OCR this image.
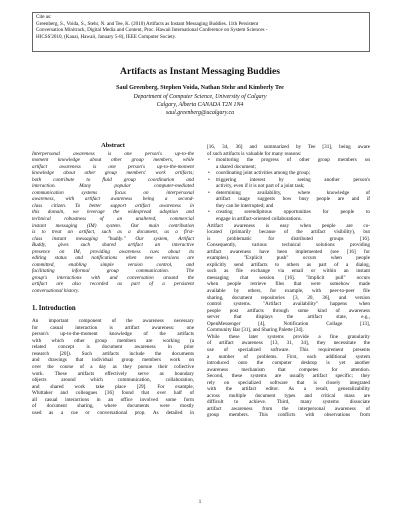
Cite as:
Greenberg, S., Voida, S., Stehr, N. and Tee, K. (2010) Artifacts as Instant Messaging Buddies. 11th Persistent
Conversation Minitrack, Digital Media and Content, Proc. Hawaii International Conference on System Sciences -
HICSS'2010, (Kauai, Hawaii, January 5-8), IEEE Computer Society.
Artifacts as Instant Messaging Buddies
Saul Greenberg, Stephen Voida, Nathan Stehr and Kimberly Tee
Department of Computer Science, University of Calgary
Calgary, Alberta CANADA T2N 1N4
saul.greenberg@ucalgary.ca
Abstract
Interpersonal awareness is one person's up-to-the
moment knowledge about other group members, while
artifact awareness is one person's up-to-the-moment
knowledge about other group members' work artifacts;
both contribute to fluid group coordination and
interaction. Many popular computer-mediated
communication systems focus on interpersonal
awareness, with artifact awareness being a second-
class citizen. To better support artifact awareness in
this domain, we leverage the widespread adoption and
technical robustness of an unaltered, commercial
instant messaging (IM) system. Our main contribution
is to treat an artifact, such as a document, as a first-
class instant messaging "buddy." Our system, Artifact
Buddy, gives such shared artifact an interactive
presence on IM, providing awareness cues about its
editing status and notifications when new versions are
committed, enabling simple version control, and
facilitating informal group communication. The
group's interactions with and conversation around the
artifact are also recorded as part of a persistent
conversational history.
1. Introduction
An important component of the awareness necessary
for casual interaction is artifact awareness: one
person's up-to-the-moment knowledge of the artifacts
with which other group members are working (a
related concept is document awareness in prior
research [20]). Such artifacts include the documents
and drawings that individual group members work on
over the course of a day as they pursue their collective
work. These artifacts effectively serve as boundary
objects around which communication, collaboration,
and shared work take place [29]. For example,
Whittaker and colleagues [36] found that over half of
all casual interactions in an office involved some form
of document sharing, where documents were mostly
used as a cue or conversational prop. As detailed in
[16, 34, 36] and summarized by Tee [31], being aware
of such artifacts is valuable for many reasons:
• monitoring the progress of other group members on
a shared document;
• coordinating joint activities among the group;
• triggering interest by seeing another person's
activity, even if it is not part of a joint task;
• determining availability, where knowledge of
artifact usage suggests how busy people are and if
they can be interrupted; and
• creating serendipitous opportunities for people to
engage in artifact-oriented collaborations.
Artifact awareness is easy when people are co-
located (primarily because of the artifact visibility), but
is problematic for distributed groups [16].
Consequently, various technical solutions providing
artifact awareness have been implemented (see [16] for
examples). "Explicit push" occurs when people
explicitly send artifacts to others as part of a dialog,
such as file exchange via email or within an instant
messaging chat session [16]. "Implicit pull" occurs
when people retrieve files that were somehow made
available by others, for example, with peer-to-peer file
sharing, document repositories [3, 20, 36], and version
control systems. "Artifact availability" happens when
people post artifacts through some kind of awareness
server that displays the artifact state, e.g.,
OpenMessenger [4], Notification Collage [13],
Community Bar [31], and Sharing Palette [34].
While these later systems provide a fine granularity
of artifact awareness [13, 31, 34], they necessitate the
use of specialized software. This requirement presents
a number of problems. First, each additional system
introduced onto the computer desktop is yet another
awareness mechanism that competes for attention.
Second, these systems are usually artifact specific; they
rely on specialized software that is closely integrated
with the artifact editor. As a result, generalizability
across multiple document types and critical mass are
difficult to achieve. Third, many systems dissociate
artifact awareness from the interpersonal awareness of
group members. This conflicts with observations from
1
